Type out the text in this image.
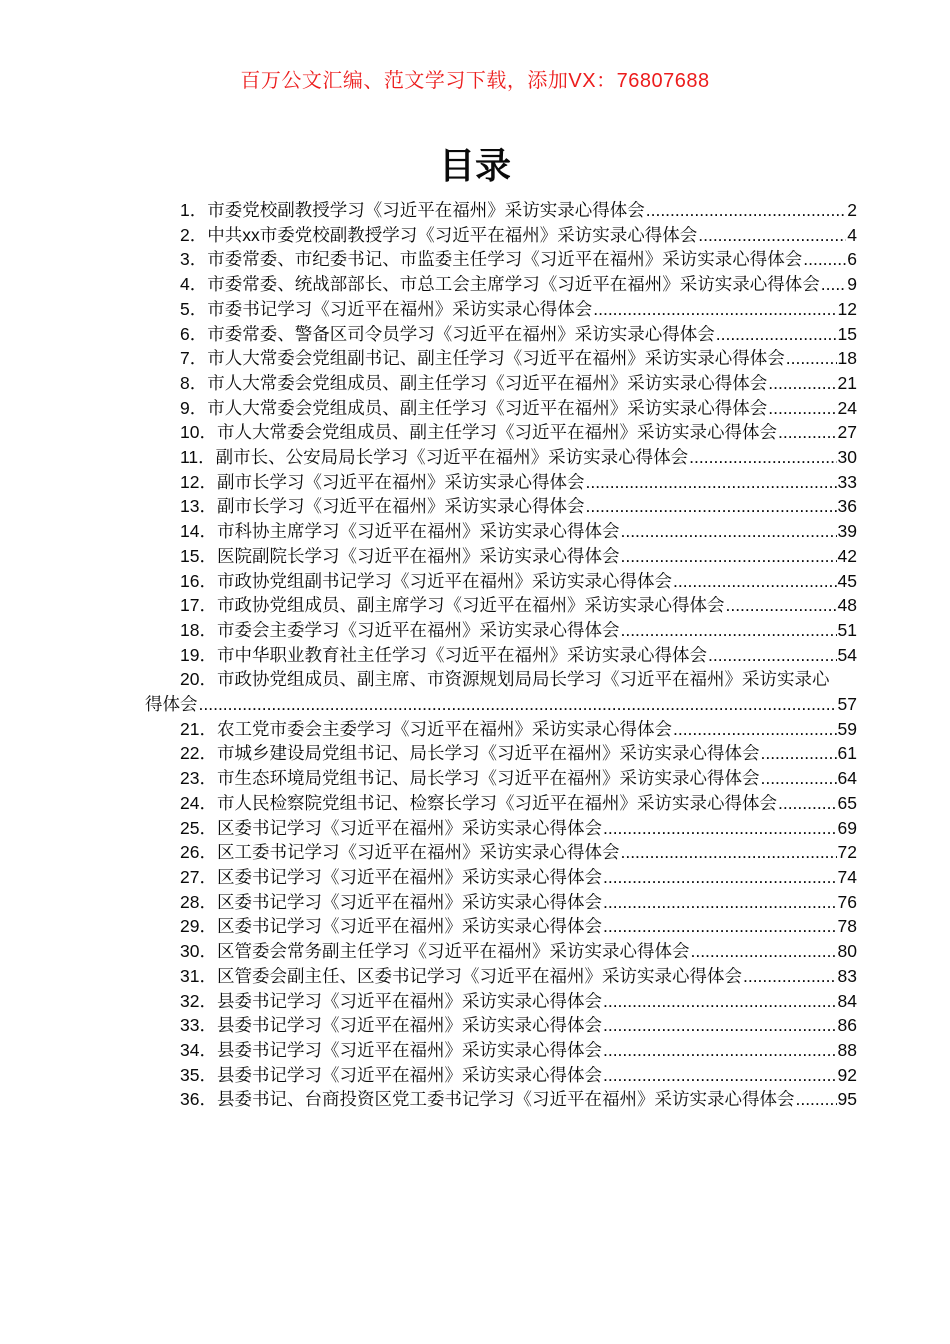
百万公文汇编、范文学习下载，添加VX：76807688
目录
1．市委党校副教授学习《习近平在福州》采访实录心得体会 .....	2
2．中共xx市委党校副教授学习《习近平在福州》采访实录心得体会 .....	4
3．市委常委、市纪委书记、市监委主任学习《习近平在福州》采访实录心得体会 .....	6
4．市委常委、统战部部长、市总工会主席学习《习近平在福州》采访实录心得体会 ..... 9
5．市委书记学习《习近平在福州》采访实录心得体会 .....	12
6．市委常委、警备区司令员学习《习近平在福州》采访实录心得体会 .....	15
7．市人大常委会党组副书记、副主任学习《习近平在福州》采访实录心得体会 .....	18
8．市人大常委会党组成员、副主任学习《习近平在福州》采访实录心得体会 .....	21
9．市人大常委会党组成员、副主任学习《习近平在福州》采访实录心得体会 .....	24
10．市人大常委会党组成员、副主任学习《习近平在福州》采访实录心得体会 .....	27
11．副市长、公安局局长学习《习近平在福州》采访实录心得体会 .....	30
12．副市长学习《习近平在福州》采访实录心得体会 .....	33
13．副市长学习《习近平在福州》采访实录心得体会 .....	36
14．市科协主席学习《习近平在福州》采访实录心得体会 .....	39
15．医院副院长学习《习近平在福州》采访实录心得体会 .....	42
16．市政协党组副书记学习《习近平在福州》采访实录心得体会 .....	45
17．市政协党组成员、副主席学习《习近平在福州》采访实录心得体会 .....	48
18．市委会主委学习《习近平在福州》采访实录心得体会 .....	51
19．市中华职业教育社主任学习《习近平在福州》采访实录心得体会 .....	54
20．市政协党组成员、副主席、市资源规划局局长学习《习近平在福州》采访实录心
得体会 .....	57
21．农工党市委会主委学习《习近平在福州》采访实录心得体会 .....	59
22．市城乡建设局党组书记、局长学习《习近平在福州》采访实录心得体会 .....	61
23．市生态环境局党组书记、局长学习《习近平在福州》采访实录心得体会 .....	64
24．市人民检察院党组书记、检察长学习《习近平在福州》采访实录心得体会 .....	65
25．区委书记学习《习近平在福州》采访实录心得体会 .....	69
26．区工委书记学习《习近平在福州》采访实录心得体会 .....	72
27．区委书记学习《习近平在福州》采访实录心得体会 .....	74
28．区委书记学习《习近平在福州》采访实录心得体会 .....	76
29．区委书记学习《习近平在福州》采访实录心得体会 .....	78
30．区管委会常务副主任学习《习近平在福州》采访实录心得体会 .....	80
31．区管委会副主任、区委书记学习《习近平在福州》采访实录心得体会 .....	83
32．县委书记学习《习近平在福州》采访实录心得体会 .....	84
33．县委书记学习《习近平在福州》采访实录心得体会 .....	86
34．县委书记学习《习近平在福州》采访实录心得体会 .....	88
35．县委书记学习《习近平在福州》采访实录心得体会 .....	92
36．县委书记、台商投资区党工委书记学习《习近平在福州》采访实录心得体会 ..... 95
